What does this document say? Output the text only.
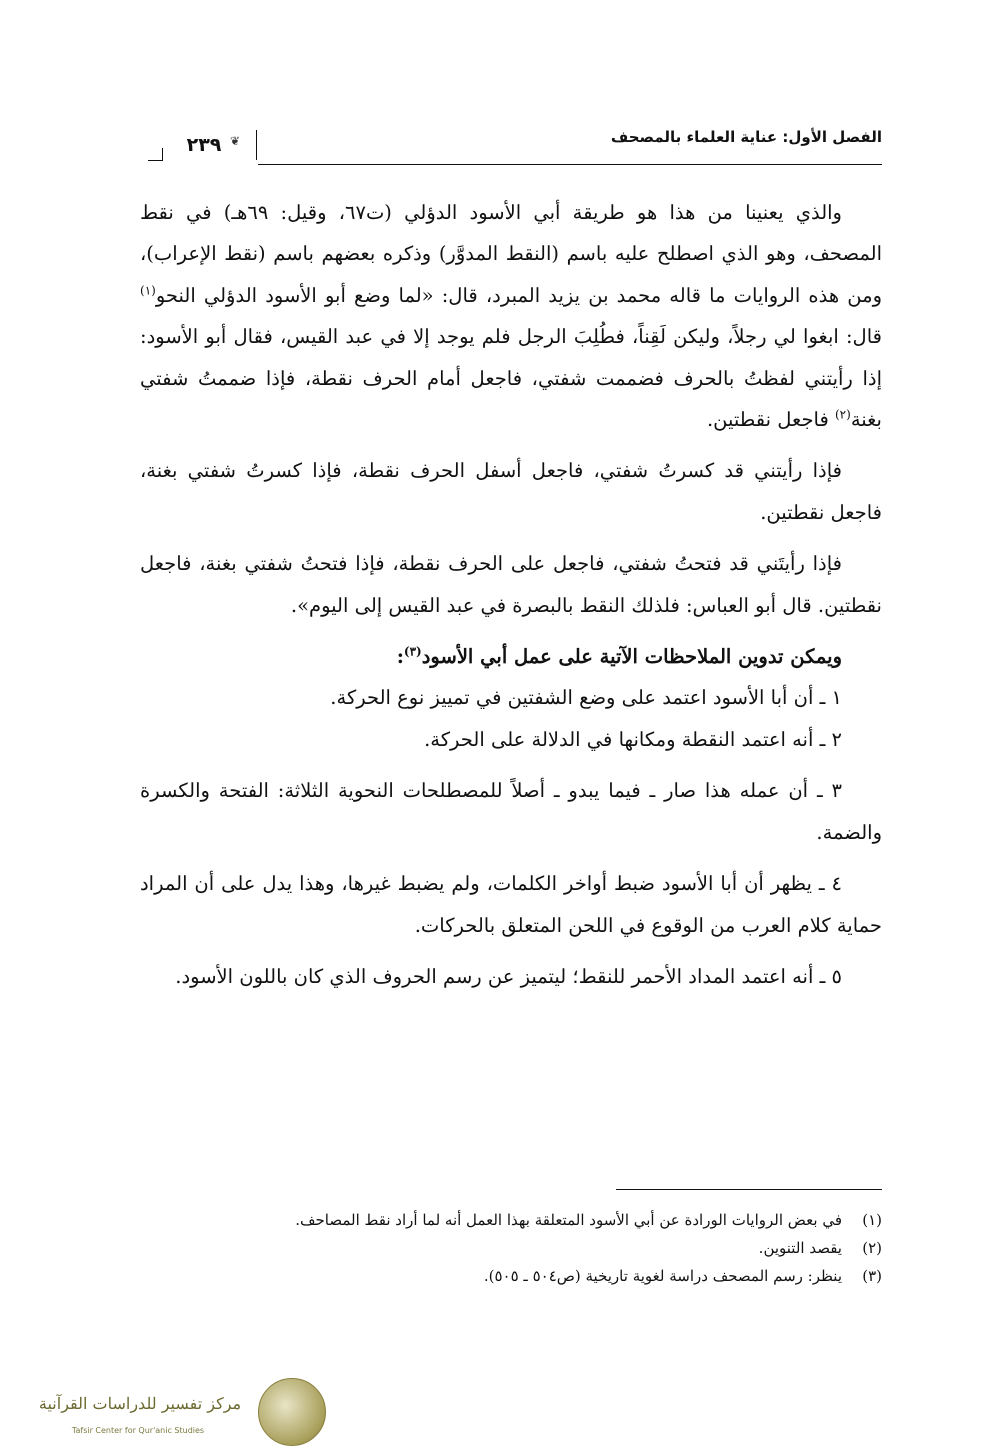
الفصل الأول: عناية العلماء بالمصحف
❦
٢٣٩

والذي يعنينا من هذا هو طريقة أبي الأسود الدؤلي (ت٦٧، وقيل: ٦٩هـ) في نقط المصحف، وهو الذي اصطلح عليه باسم (النقط المدوَّر) وذكره بعضهم باسم (نقط الإعراب)، ومن هذه الروايات ما قاله محمد بن يزيد المبرد، قال: «لما وضع أبو الأسود الدؤلي النحو$^{(١)}$ قال: ابغوا لي رجلاً، وليكن لَقِناً، فطُلِبَ الرجل فلم يوجد إلا في عبد القيس، فقال أبو الأسود: إذا رأيتني لفظتُ بالحرف فضممت شفتي، فاجعل أمام الحرف نقطة، فإذا ضممتُ شفتي بغنة$^{(٢)}$ فاجعل نقطتين.

فإذا رأيتني قد كسرتُ شفتي، فاجعل أسفل الحرف نقطة، فإذا كسرتُ شفتي بغنة، فاجعل نقطتين.

فإذا رأيتَني قد فتحتُ شفتي، فاجعل على الحرف نقطة، فإذا فتحتُ شفتي بغنة، فاجعل نقطتين. قال أبو العباس: فلذلك النقط بالبصرة في عبد القيس إلى اليوم».

ويمكن تدوين الملاحظات الآتية على عمل أبي الأسود$^{(٣)}$:

١ ـ أن أبا الأسود اعتمد على وضع الشفتين في تمييز نوع الحركة.

٢ ـ أنه اعتمد النقطة ومكانها في الدلالة على الحركة.

٣ ـ أن عمله هذا صار ـ فيما يبدو ـ أصلاً للمصطلحات النحوية الثلاثة: الفتحة والكسرة والضمة.

٤ ـ يظهر أن أبا الأسود ضبط أواخر الكلمات، ولم يضبط غيرها، وهذا يدل على أن المراد حماية كلام العرب من الوقوع في اللحن المتعلق بالحركات.

٥ ـ أنه اعتمد المداد الأحمر للنقط؛ ليتميز عن رسم الحروف الذي كان باللون الأسود.

(١)
في بعض الروايات الورادة عن أبي الأسود المتعلقة بهذا العمل أنه لما أراد نقط المصاحف.
(٢)
يقصد التنوين.
(٣)
ينظر: رسم المصحف دراسة لغوية تاريخية (ص٥٠٤ ـ ٥٠٥).
مركز تفسير للدراسات القرآنية
Tafsir Center for Qur'anic Studies
